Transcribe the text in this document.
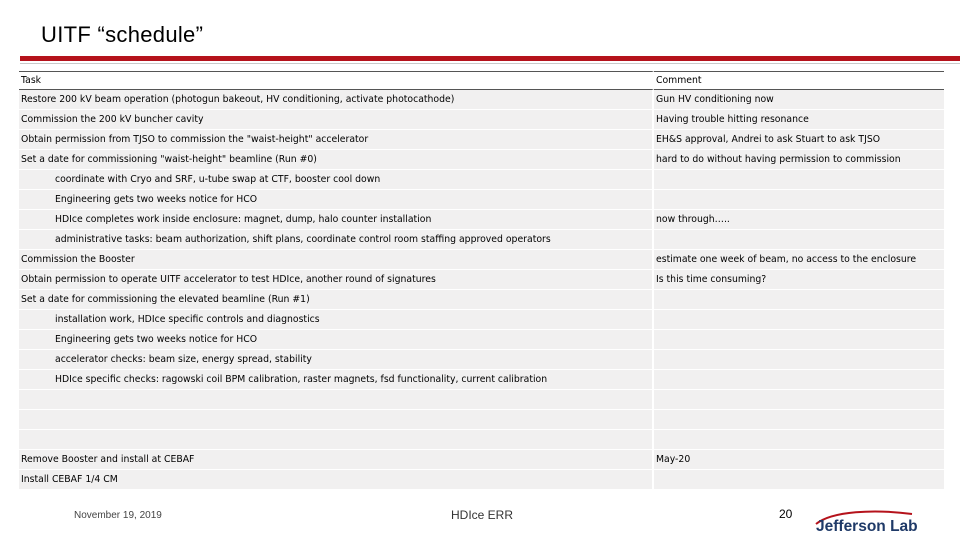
UITF “schedule”
Task	Comment
Restore 200 kV beam operation (photogun bakeout, HV conditioning, activate photocathode)	Gun HV conditioning now
Commission the 200 kV buncher cavity	Having trouble hitting resonance
Obtain permission from TJSO to commission the "waist-height" accelerator	EH&S approval, Andrei to ask Stuart to ask TJSO
Set a date for commissioning "waist-height" beamline (Run #0)	hard to do without having permission to commission
coordinate with Cryo and SRF, u-tube swap at CTF, booster cool down	
Engineering gets two weeks notice for HCO	
HDIce completes work inside enclosure: magnet, dump, halo counter installation	now through…..
administrative tasks: beam authorization, shift plans, coordinate control room staffing approved operators	
Commission the Booster	estimate one week of beam, no access to the enclosure
Obtain permission to operate UITF accelerator to test HDIce, another round of signatures	Is this time consuming?
Set a date for commissioning the elevated beamline (Run #1)	
installation work, HDIce specific controls and diagnostics	
Engineering gets two weeks notice for HCO	
accelerator checks: beam size, energy spread, stability	
HDIce specific checks: ragowski coil BPM calibration, raster magnets, fsd functionality, current calibration	

Remove Booster and install at CEBAF	May-20
Install CEBAF 1/4 CM	
November 19, 2019	HDIce ERR	20
Jefferson Lab
